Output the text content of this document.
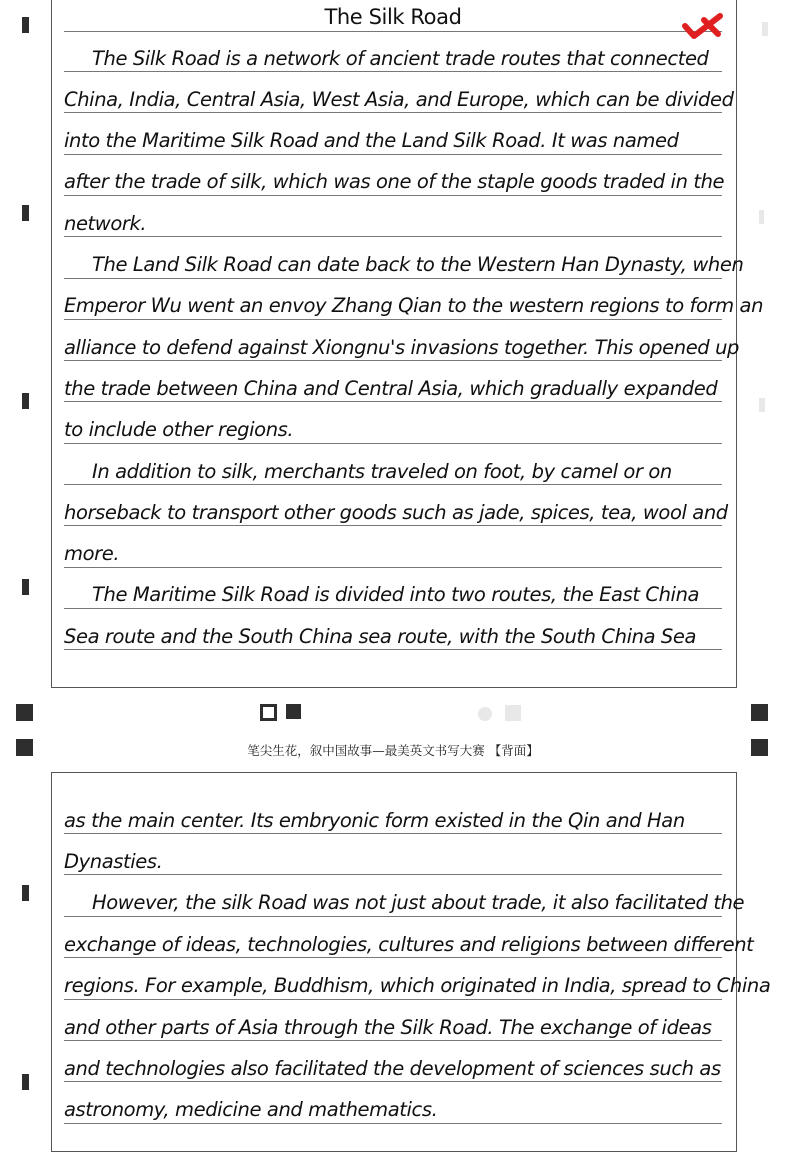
The Silk Road
The Silk Road is a network of ancient trade routes that connected
China, India, Central Asia, West Asia, and Europe, which can be divided
into the Maritime Silk Road and the Land Silk Road. It was named
after the trade of silk, which was one of the staple goods traded in the
network.
The Land Silk Road can date back to the Western Han Dynasty, when
Emperor Wu went an envoy Zhang Qian to the western regions to form an
alliance to defend against Xiongnu's invasions together. This opened up
the trade between China and Central Asia, which gradually expanded
to include other regions.
In addition to silk, merchants traveled on foot, by camel or on
horseback to transport other goods such as jade, spices, tea, wool and
more.
The Maritime Silk Road is divided into two routes, the East China
Sea route and the South China sea route, with the South China Sea
笔尖生花，叙中国故事—最美英文书写大赛 【背面】
as the main center. Its embryonic form existed in the Qin and Han
Dynasties.
However, the silk Road was not just about trade, it also facilitated the
exchange of ideas, technologies, cultures and religions between different
regions. For example, Buddhism, which originated in India, spread to China
and other parts of Asia through the Silk Road. The exchange of ideas
and technologies also facilitated the development of sciences such as
astronomy, medicine and mathematics.
